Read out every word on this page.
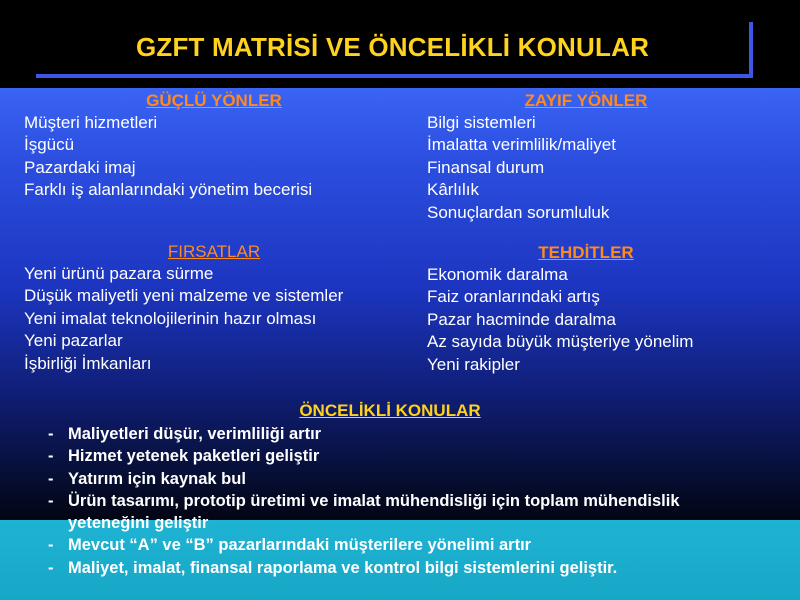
GZFT MATRİSİ VE ÖNCELİKLİ KONULAR
GÜÇLÜ YÖNLER
Müşteri hizmetleri
İşgücü
Pazardaki imaj
Farklı iş alanlarındaki yönetim becerisi
ZAYIF YÖNLER
Bilgi sistemleri
İmalatta verimlilik/maliyet
Finansal durum
Kârlılık
Sonuçlardan sorumluluk
FIRSATLAR
Yeni ürünü pazara sürme
Düşük maliyetli yeni malzeme ve sistemler
Yeni imalat teknolojilerinin hazır olması
Yeni pazarlar
İşbirliği İmkanları
TEHDİTLER
Ekonomik daralma
Faiz oranlarındaki artış
Pazar hacminde daralma
Az sayıda büyük müşteriye yönelim
Yeni rakipler
ÖNCELİKLİ KONULAR
- Maliyetleri düşür, verimliliği artır
- Hizmet yetenek paketleri geliştir
- Yatırım için kaynak bul
- Ürün tasarımı, prototip üretimi ve imalat mühendisliği için toplam mühendislik yeteneğini geliştir
- Mevcut “A” ve “B” pazarlarındaki müşterilere yönelimi artır
- Maliyet, imalat, finansal raporlama ve kontrol bilgi sistemlerini geliştir.
